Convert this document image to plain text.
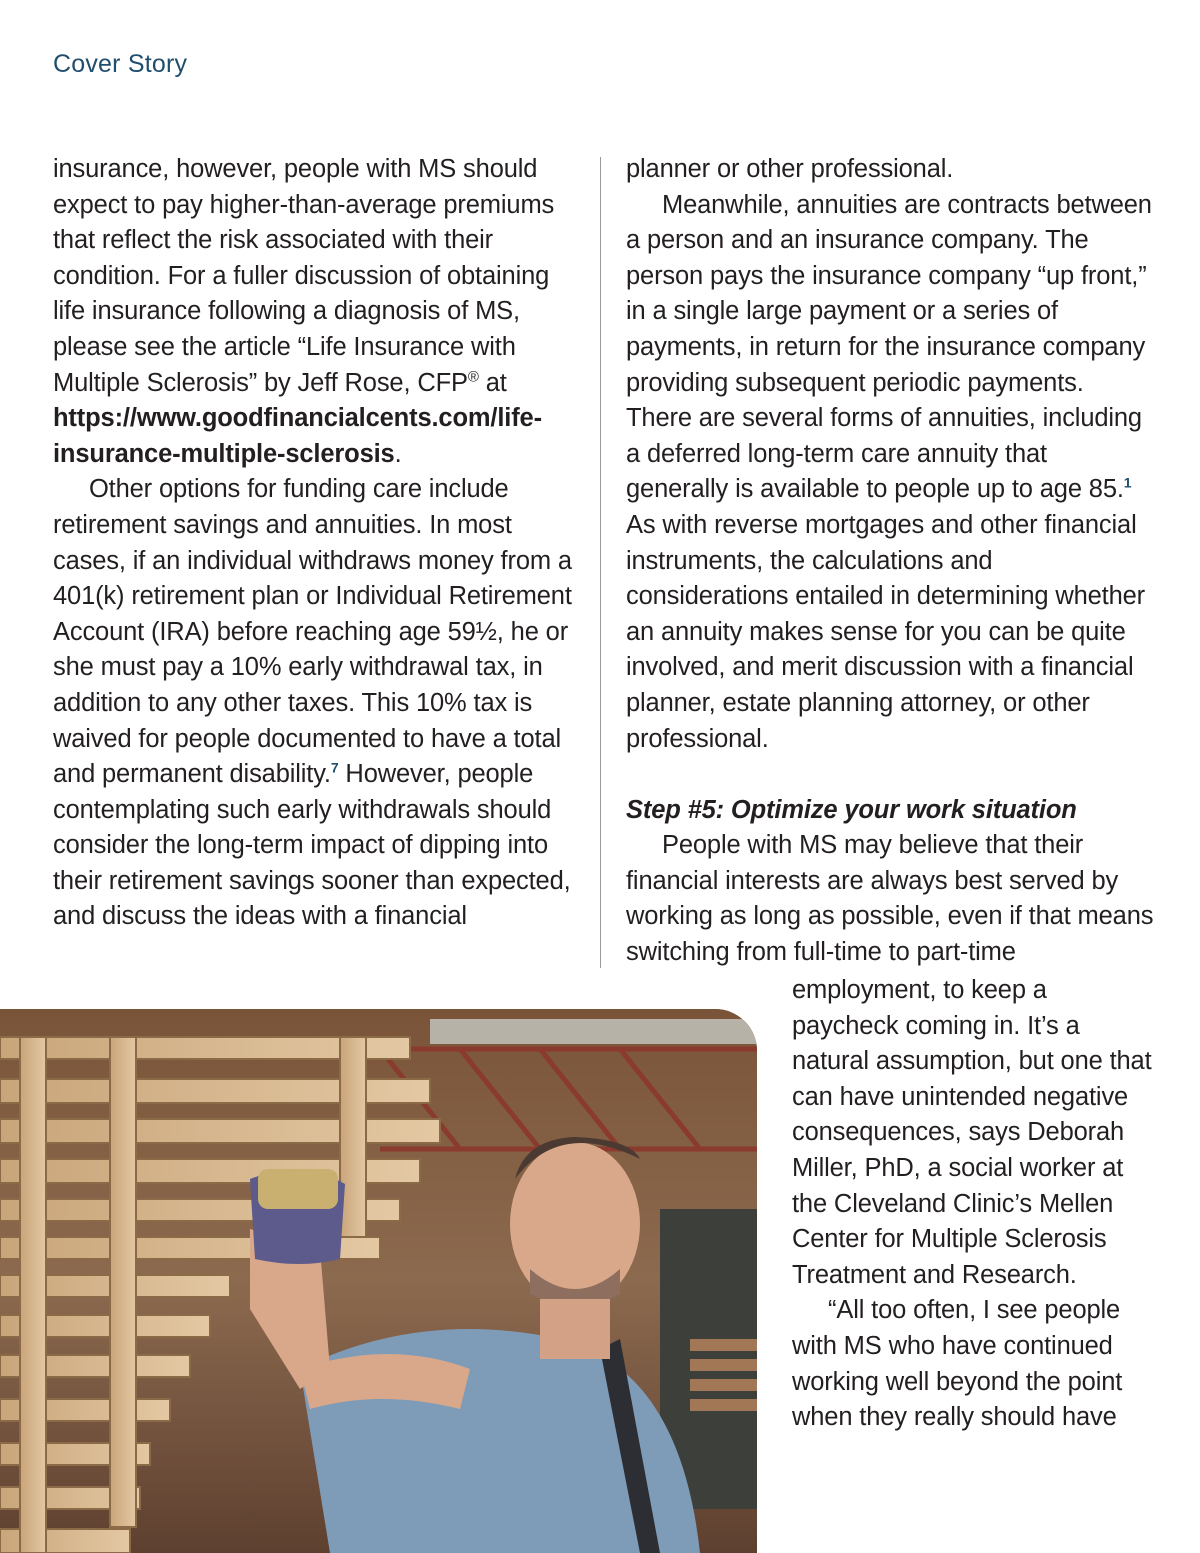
Cover Story

insurance, however, people with MS should expect to pay higher-than-average premiums that reflect the risk associated with their condition. For a fuller discussion of obtaining life insurance following a diagnosis of MS, please see the article “Life Insurance with Multiple Sclerosis” by Jeff Rose, CFP® at https://www.goodfinancialcents.com/life-insurance-multiple-sclerosis.

Other options for funding care include retirement savings and annuities. In most cases, if an individual withdraws money from a 401(k) retirement plan or Individual Retirement Account (IRA) before reaching age 59½, he or she must pay a 10% early withdrawal tax, in addition to any other taxes. This 10% tax is waived for people documented to have a total and permanent disability.$^7$ However, people contemplating such early withdrawals should consider the long-term impact of dipping into their retirement savings sooner than expected, and discuss the ideas with a financial

planner or other professional.

Meanwhile, annuities are contracts between a person and an insurance company. The person pays the insurance company “up front,” in a single large payment or a series of payments, in return for the insurance company providing subsequent periodic payments. There are several forms of annuities, including a deferred long-term care annuity that generally is available to people up to age 85.$^1$ As with reverse mortgages and other financial instruments, the calculations and considerations entailed in determining whether an annuity makes sense for you can be quite involved, and merit discussion with a financial planner, estate planning attorney, or other professional.

Step #5: Optimize your work situation

People with MS may believe that their financial interests are always best served by working as long as possible, even if that means switching from full-time to part-time

employment, to keep a paycheck coming in. It’s a natural assumption, but one that can have unintended negative consequences, says Deborah Miller, PhD, a social worker at the Cleveland Clinic’s Mellen Center for Multiple Sclerosis Treatment and Research.

“All too often, I see people with MS who have continued working well beyond the point when they really should have
